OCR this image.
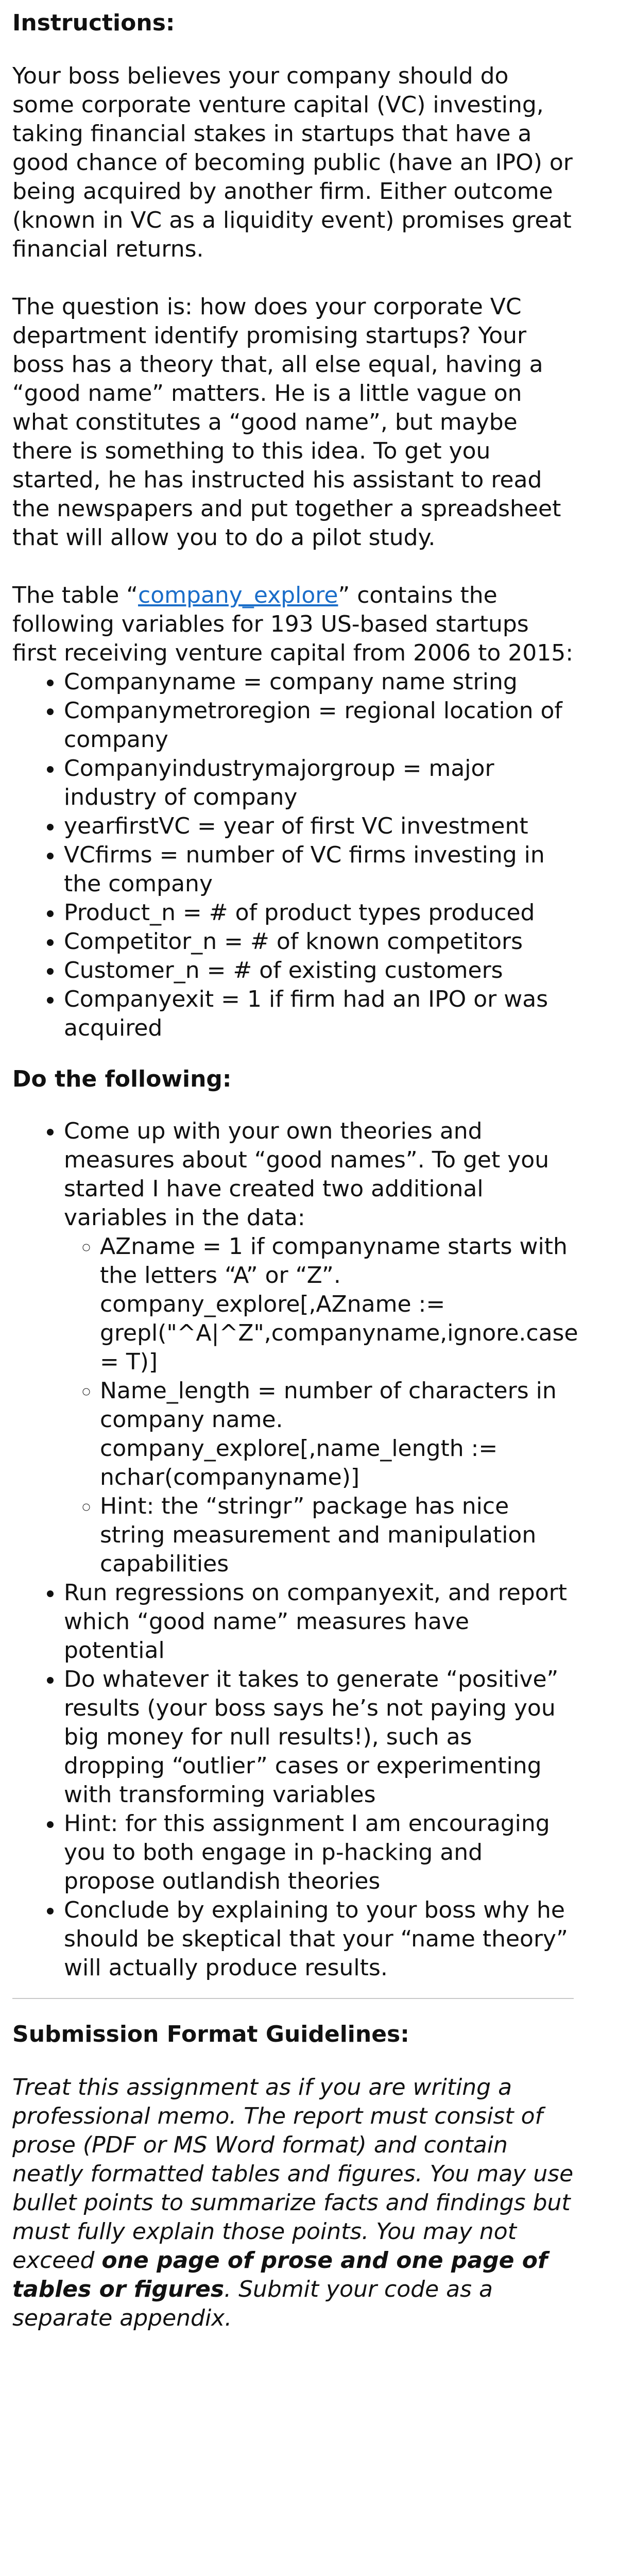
Instructions:

Your boss believes your company should do some corporate venture capital (VC) investing, taking financial stakes in startups that have a good chance of becoming public (have an IPO) or being acquired by another firm. Either outcome (known in VC as a liquidity event) promises great financial returns.

The question is: how does your corporate VC department identify promising startups? Your boss has a theory that, all else equal, having a “good name” matters. He is a little vague on what constitutes a “good name”, but maybe there is something to this idea. To get you started, he has instructed his assistant to read the newspapers and put together a spreadsheet that will allow you to do a pilot study.

The table “company_explore” contains the following variables for 193 US-based startups first receiving venture capital from 2006 to 2015:

• Companyname = company name string
• Companymetroregion = regional location of company
• Companyindustrymajorgroup = major industry of company
• yearfirstVC = year of first VC investment
• VCfirms = number of VC firms investing in the company
• Product_n = # of product types produced
• Competitor_n = # of known competitors
• Customer_n = # of existing customers
• Companyexit = 1 if firm had an IPO or was acquired
Do the following:
• Come up with your own theories and measures about “good names”. To get you started I have created two additional variables in the data:
◦ AZname = 1 if companyname starts with the letters “A” or “Z”.
company_explore[,AZname := grepl("^A|^Z",companyname,ignore.case = T)]
◦ Name_length = number of characters in company name.
company_explore[,name_length := nchar(companyname)]
◦ Hint: the “stringr” package has nice string measurement and manipulation capabilities
• Run regressions on companyexit, and report which “good name” measures have potential
• Do whatever it takes to generate “positive” results (your boss says he’s not paying you big money for null results!), such as dropping “outlier” cases or experimenting with transforming variables
• Hint: for this assignment I am encouraging you to both engage in p-hacking and propose outlandish theories
• Conclude by explaining to your boss why he should be skeptical that your “name theory” will actually produce results.
Submission Format Guidelines:

Treat this assignment as if you are writing a professional memo. The report must consist of prose (PDF or MS Word format) and contain neatly formatted tables and figures. You may use bullet points to summarize facts and findings but must fully explain those points. You may not exceed one page of prose and one page of tables or figures. Submit your code as a separate appendix.
